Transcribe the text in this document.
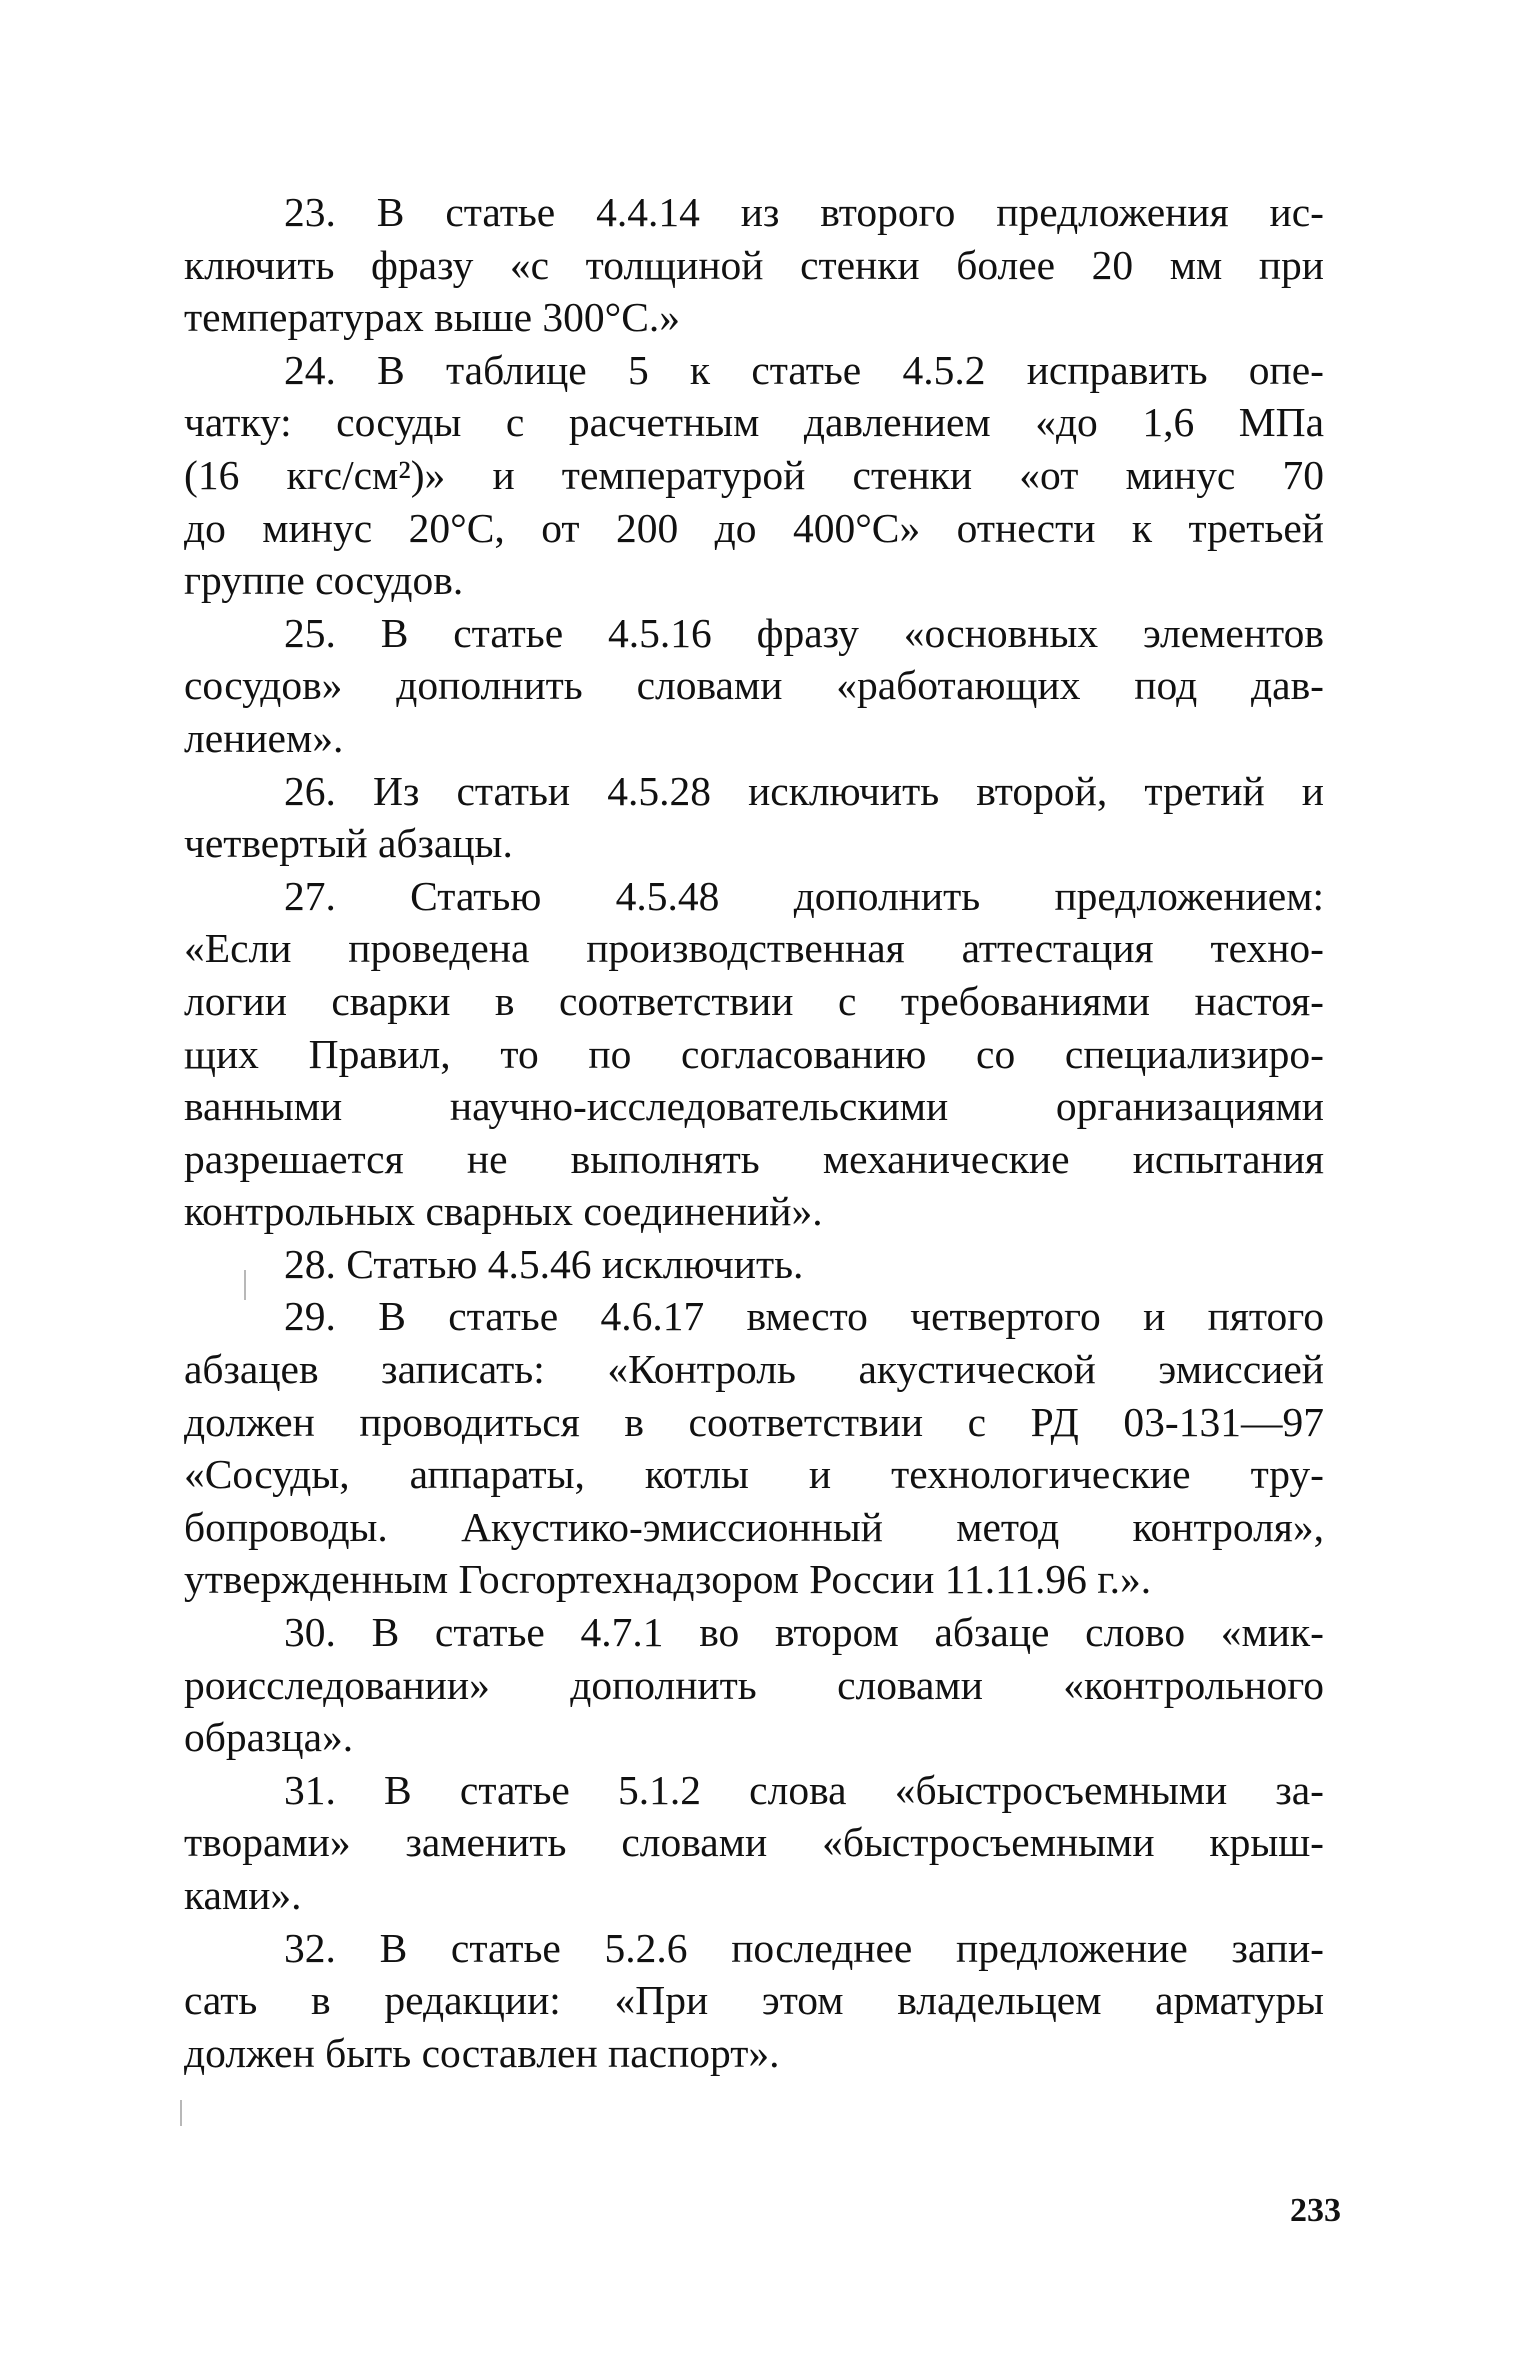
23. В статье 4.4.14 из второго предложения ис-
ключить фразу «с толщиной стенки более 20 мм при
температурах выше 300°С.»
24. В таблице 5 к статье 4.5.2 исправить опе-
чатку: сосуды с расчетным давлением «до 1,6 МПа
(16 кгс/см²)» и температурой стенки «от минус 70
до минус 20°С, от 200 до 400°С» отнести к третьей
группе сосудов.
25. В статье 4.5.16 фразу «основных элементов
сосудов» дополнить словами «работающих под дав-
лением».
26. Из статьи 4.5.28 исключить второй, третий и
четвертый абзацы.
27. Статью 4.5.48 дополнить предложением:
«Если проведена производственная аттестация техно-
логии сварки в соответствии с требованиями настоя-
щих Правил, то по согласованию со специализиро-
ванными научно-исследовательскими организациями
разрешается не выполнять механические испытания
контрольных сварных соединений».
28. Статью 4.5.46 исключить.
29. В статье 4.6.17 вместо четвертого и пятого
абзацев записать: «Контроль акустической эмиссией
должен проводиться в соответствии с РД 03-131—97
«Сосуды, аппараты, котлы и технологические тру-
бопроводы. Акустико-эмиссионный метод контроля»,
утвержденным Госгортехнадзором России 11.11.96 г.».
30. В статье 4.7.1 во втором абзаце слово «мик-
роисследовании» дополнить словами «контрольного
образца».
31. В статье 5.1.2 слова «быстросъемными за-
творами» заменить словами «быстросъемными крыш-
ками».
32. В статье 5.2.6 последнее предложение запи-
сать в редакции: «При этом владельцем арматуры
должен быть составлен паспорт».
233
